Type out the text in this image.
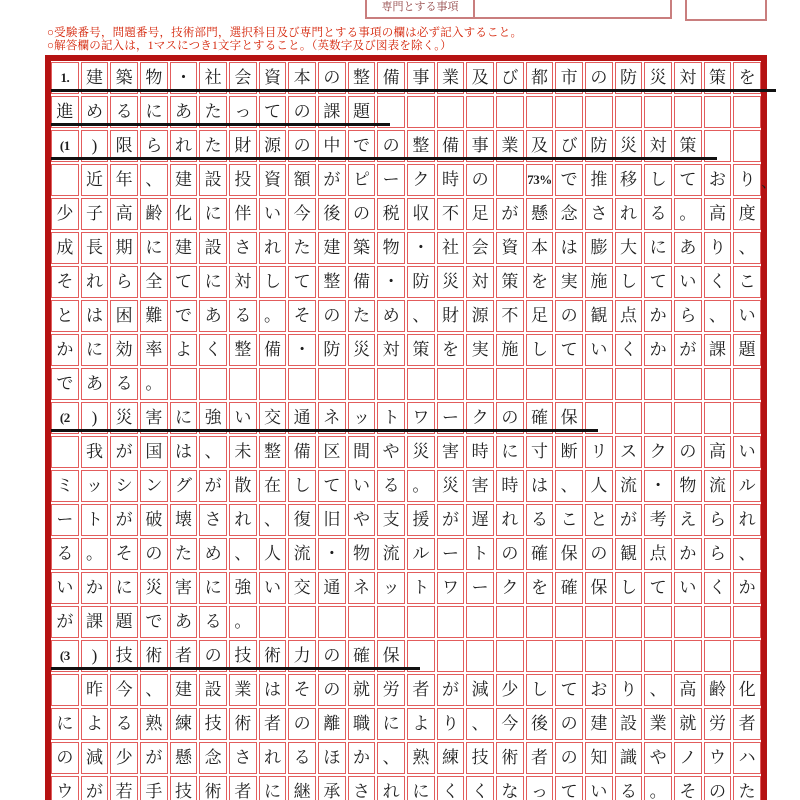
専門とする事項
○受験番号，問題番号，技術部門，選択科目及び専門とする事項の欄は必ず記入すること。
○解答欄の記入は，1マスにつき1文字とすること。（英数字及び図表を除く。）
1. 建 築 物 ・ 社 会 資 本 の 整 備 事 業 及 び 都 市 の 防 災 対 策 を
進 め る に あ た っ て の 課 題
(1	)	限 ら れ た 財 源 の 中 で の 整 備 事 業 及 び 防 災 対 策
近 年 、 建 設 投 資 額 が ピ ー ク 時 の	73% で 推 移 し て お り 、
少 子 高 齢 化 に 伴 い 今 後 の 税 収 不 足 が 懸 念 さ れ る 。 高 度
成 長 期 に 建 設 さ れ た 建 築 物 ・ 社 会 資 本 は 膨 大 に あ り 、
そ れ ら 全 て に 対 し て 整 備 ・ 防 災 対 策 を 実 施 し て い く こ
と は 困 難 で あ る 。 そ の た め 、 財 源 不 足 の 観 点 か ら 、 い
か に 効 率 よ く 整 備 ・ 防 災 対 策 を 実 施 し て い く か が 課 題
で あ る 。
(2	)	災 害 に 強 い 交 通 ネ ッ ト ワ ー ク の 確 保
我 が 国 は 、 未 整 備 区 間 や 災 害 時 に 寸 断 リ ス ク の 高 い
ミ ッ シ ン グ が 散 在 し て い る 。 災 害 時 は 、 人 流 ・ 物 流 ル
ー ト が 破 壊 さ れ 、 復 旧 や 支 援 が 遅 れ る こ と が 考 え ら れ
る 。 そ の た め 、 人 流 ・ 物 流 ル ー ト の 確 保 の 観 点 か ら 、
い か に 災 害 に 強 い 交 通 ネ ッ ト ワ ー ク を 確 保 し て い く か
が 課 題 で あ る 。
(3	)	技 術 者 の 技 術 力 の 確 保
昨 今 、 建 設 業 は そ の 就 労 者 が 減 少 し て お り 、 高 齢 化
に よ る 熟 練 技 術 者 の 離 職 に よ り 、 今 後 の 建 設 業 就 労 者
の 減 少 が 懸 念 さ れ る ほ か 、 熟 練 技 術 者 の 知 識 や ノ ウ ハ
ウ が 若 手 技 術 者 に 継 承 さ れ に く く な っ て い る 。 そ の た
